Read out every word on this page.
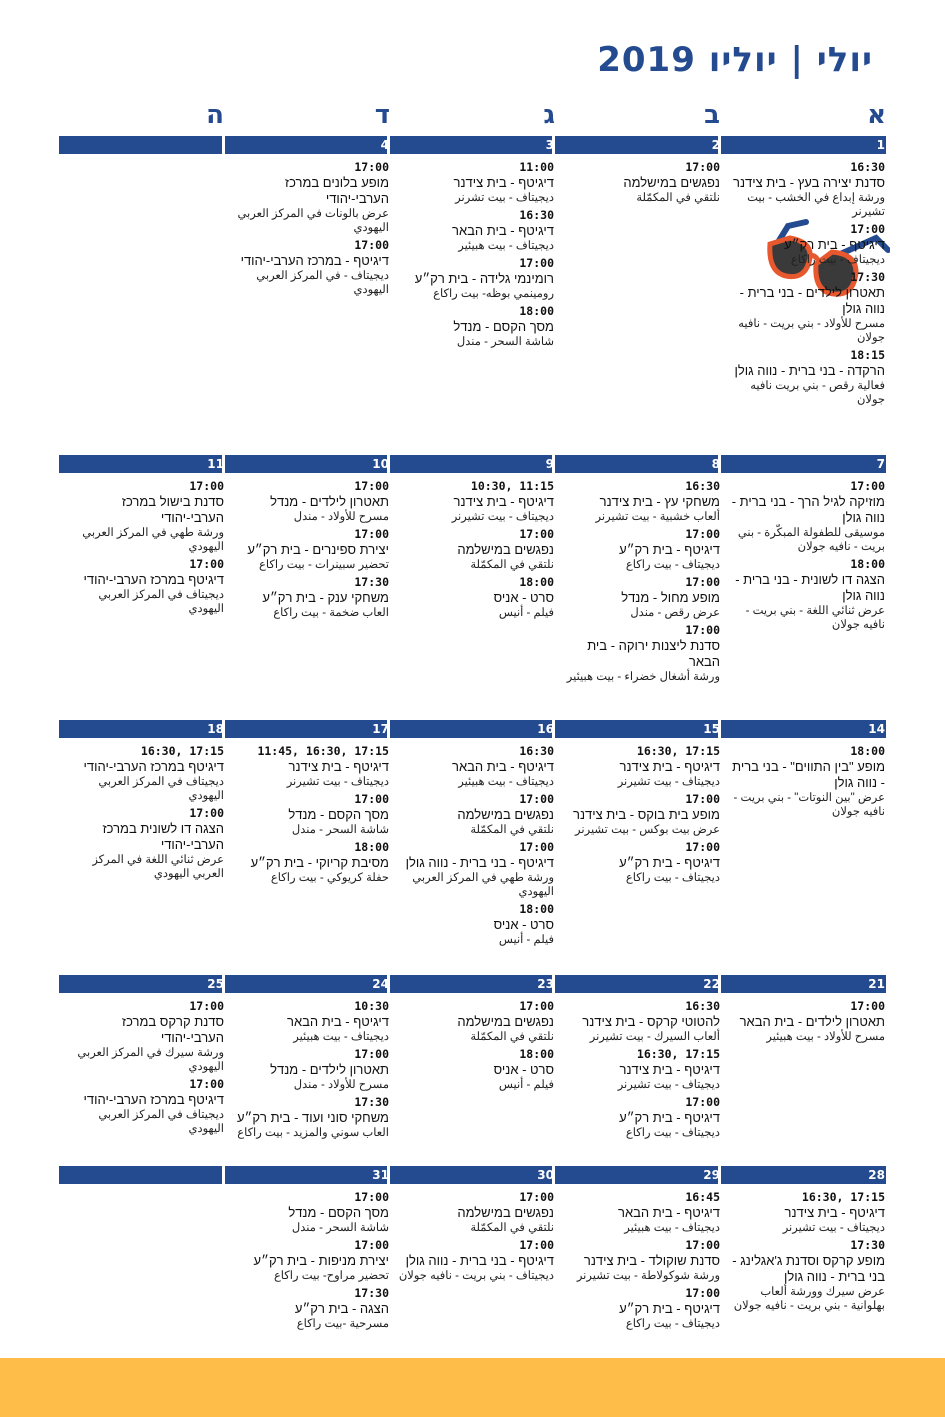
יולי | יוליו 2019
א
ב
ג
ד
ה
16:30
סדנת יצירה בעץ - בית צידנר
ورشة إبداع في الخشب - بيت تشيرنر
17:00
דיגיטף - בית רק״ע
ديجيتاف - بيت راكاع
17:30
תאטרון לילדים - בני ברית - נווה גולן
مسرح للأولاد - بني بريت - نافيه جولان
18:15
הרקדה - בני ברית - נווה גולן
فعالية رقص - بني بريت نافيه جولان
17:00
נפגשים במישלמה
نلتقي في المكمّلة
11:00
דיגיטף - בית צידנר
ديجيتاف - بيت تشرنر
16:30
דיגיטף - בית הבאר
ديجيتاف - بيت هبيئير
17:00
רומינמי גלידה - בית רק״ע
رومينمي بوظه- بيت راكاع
18:00
מסך הקסם - מנדל
شاشة السحر - مندل
17:00
מופע בלונים במרכז הערבי-יהודי
عرض بالونات في المركز العربي اليهودي
17:00
דיגיטף - במרכז הערבי-יהודי
ديجيتاف - في المركز العربي اليهودي
1
2
3
4
17:00
מוזיקה לגיל הרך - בני ברית - נווה גולן
موسيقى للطفولة المبكّرة - بني بريت - نافيه جولان
18:00
הצגה דו לשונית - בני ברית - נווה גולן
عرض ثنائي اللغة - بني بريت - نافيه جولان
16:30
משחקי עץ - בית צידנר
ألعاب خشبية - بيت تشيرنر
17:00
דיגיטף - בית רק״ע
ديجيتاف - بيت راكاع
17:00
מופע מחול - מנדל
عرض رقص - مندل
17:00
סדנת ליצנות ירוקה - בית הבאר
ورشة أشغال خضراء - بيت هبيئير
10:30, 11:15
דיגיטף - בית צידנר
ديجيتاف - بيت تشيرنر
17:00
נפגשים במישלמה
نلتقي في المكمّلة
18:00
סרט - אניס
فيلم - أنيس
17:00
תאטרון לילדים - מנדל
مسرح للأولاد - مندل
17:00
יצירת ספינרים - בית רק״ע
تحضير سبينرات - بيت راكاع
17:30
משחקי ענק - בית רק״ע
العاب ضخمة - بيت راكاع
17:00
סדנת בישול במרכז הערבי-יהודי
ورشة طهي في المركز العربي اليهودي
17:00
דיגיטף במרכז הערבי-יהודי
ديجيتاف في المركز العربي اليهودي
7
8
9
10
11
18:00
מופע "בין התווים" - בני ברית - נווה גולן
عرض "بين النوتات" - بني بريت - نافيه جولان
16:30, 17:15
דיגיטף - בית צידנר
ديجيتاف - بيت تشيرنر
17:00
מופע בית בוקס - בית צידנר
عرض بيت بوكس - بيت تشيرنر
17:00
דיגיטף - בית רק״ע
ديجيتاف - بيت راكاع
16:30
דיגיטף - בית הבאר
ديجيتاف - بيت هبيئير
17:00
נפגשים במישלמה
نلتقي في المكمّلة
17:00
דיגיטף - בני ברית - נווה גולן
ورشة طهي في المركز العربي اليهودي
18:00
סרט - אניס
فيلم - أنيس
11:45, 16:30, 17:15
דיגיטף - בית צידנר
ديجيتاف - بيت تشيرنر
17:00
מסך הקסם - מנדל
شاشة السحر - مندل
18:00
מסיבת קריוקי - בית רק״ע
حفلة كريوكي - بيت راكاع
16:30, 17:15
דיגיטף במרכז הערבי-יהודי
ديجيتاف في المركز العربي اليهودي
17:00
הצגה דו לשונית במרכז הערבי-יהודי
عرض ثنائي اللغة في المركز العربي اليهودي
14
15
16
17
18
17:00
תאטרון לילדים - בית הבאר
مسرح للأولاد - بيت هبيئير
16:30
להטוטי קרקס - בית צידנר
ألعاب السيرك - بيت تشيرنر
16:30, 17:15
דיגיטף - בית צידנר
ديجيتاف - بيت تشيرنر
17:00
דיגיטף - בית רק״ע
ديجيتاف - بيت راكاع
17:00
נפגשים במישלמה
نلتقي في المكمّلة
18:00
סרט - אניס
فيلم - أنيس
10:30
דיגיטף - בית הבאר
ديجيتاف - بيت هبيئير
17:00
תאטרון לילדים - מנדל
مسرح للأولاد - مندل
17:30
משחקי סוני ועוד - בית רק״ע
العاب سوني والمزيد - بيت راكاع
17:00
סדנת קרקס במרכז הערבי-יהודי
ورشة سيرك في المركز العربي اليهودي
17:00
דיגיטף במרכז הערבי-יהודי
ديجيتاف في المركز العربي اليهودي
21
22
23
24
25
16:30, 17:15
דיגיטף - בית צידנר
ديجيتاف - بيت تشيرنر
17:30
מופע קרקס וסדנת ג'אגלינג - בני ברית - נווה גולן
عرض سيرك وورشة ألعاب بهلوانية - بني بريت - نافيه جولان
16:45
דיגיטף - בית הבאר
ديجيتاف - بيت هبيئير
17:00
סדנת שוקולד - בית צידנר
ورشة شوكولاطة - بيت تشيرنر
17:00
דיגיטף - בית רק״ע
ديجيتاف - بيت راكاع
17:00
נפגשים במישלמה
نلتقي في المكمّلة
17:00
דיגיטף - בני ברית - נווה גולן
ديجيتاف - بني بريت - نافيه جولان
17:00
מסך הקסם - מנדל
شاشة السحر - مندل
17:00
יצירת מניפות - בית רק״ע
تحضير مراوح- بيت راكاع
17:30
הצגה - בית רק״ע
مسرحية -بيت راكاع
28
29
30
31
